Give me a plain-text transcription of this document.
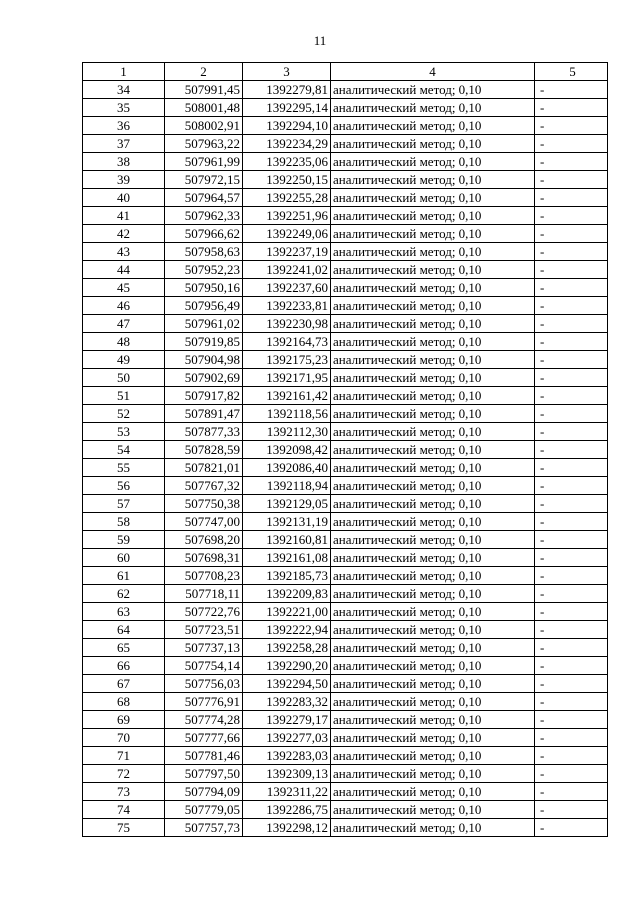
11
1	2	3	4	5
34	507991,45	1392279,81	аналитический метод; 0,10	-
35	508001,48	1392295,14	аналитический метод; 0,10	-
36	508002,91	1392294,10	аналитический метод; 0,10	-
37	507963,22	1392234,29	аналитический метод; 0,10	-
38	507961,99	1392235,06	аналитический метод; 0,10	-
39	507972,15	1392250,15	аналитический метод; 0,10	-
40	507964,57	1392255,28	аналитический метод; 0,10	-
41	507962,33	1392251,96	аналитический метод; 0,10	-
42	507966,62	1392249,06	аналитический метод; 0,10	-
43	507958,63	1392237,19	аналитический метод; 0,10	-
44	507952,23	1392241,02	аналитический метод; 0,10	-
45	507950,16	1392237,60	аналитический метод; 0,10	-
46	507956,49	1392233,81	аналитический метод; 0,10	-
47	507961,02	1392230,98	аналитический метод; 0,10	-
48	507919,85	1392164,73	аналитический метод; 0,10	-
49	507904,98	1392175,23	аналитический метод; 0,10	-
50	507902,69	1392171,95	аналитический метод; 0,10	-
51	507917,82	1392161,42	аналитический метод; 0,10	-
52	507891,47	1392118,56	аналитический метод; 0,10	-
53	507877,33	1392112,30	аналитический метод; 0,10	-
54	507828,59	1392098,42	аналитический метод; 0,10	-
55	507821,01	1392086,40	аналитический метод; 0,10	-
56	507767,32	1392118,94	аналитический метод; 0,10	-
57	507750,38	1392129,05	аналитический метод; 0,10	-
58	507747,00	1392131,19	аналитический метод; 0,10	-
59	507698,20	1392160,81	аналитический метод; 0,10	-
60	507698,31	1392161,08	аналитический метод; 0,10	-
61	507708,23	1392185,73	аналитический метод; 0,10	-
62	507718,11	1392209,83	аналитический метод; 0,10	-
63	507722,76	1392221,00	аналитический метод; 0,10	-
64	507723,51	1392222,94	аналитический метод; 0,10	-
65	507737,13	1392258,28	аналитический метод; 0,10	-
66	507754,14	1392290,20	аналитический метод; 0,10	-
67	507756,03	1392294,50	аналитический метод; 0,10	-
68	507776,91	1392283,32	аналитический метод; 0,10	-
69	507774,28	1392279,17	аналитический метод; 0,10	-
70	507777,66	1392277,03	аналитический метод; 0,10	-
71	507781,46	1392283,03	аналитический метод; 0,10	-
72	507797,50	1392309,13	аналитический метод; 0,10	-
73	507794,09	1392311,22	аналитический метод; 0,10	-
74	507779,05	1392286,75	аналитический метод; 0,10	-
75	507757,73	1392298,12	аналитический метод; 0,10	-
